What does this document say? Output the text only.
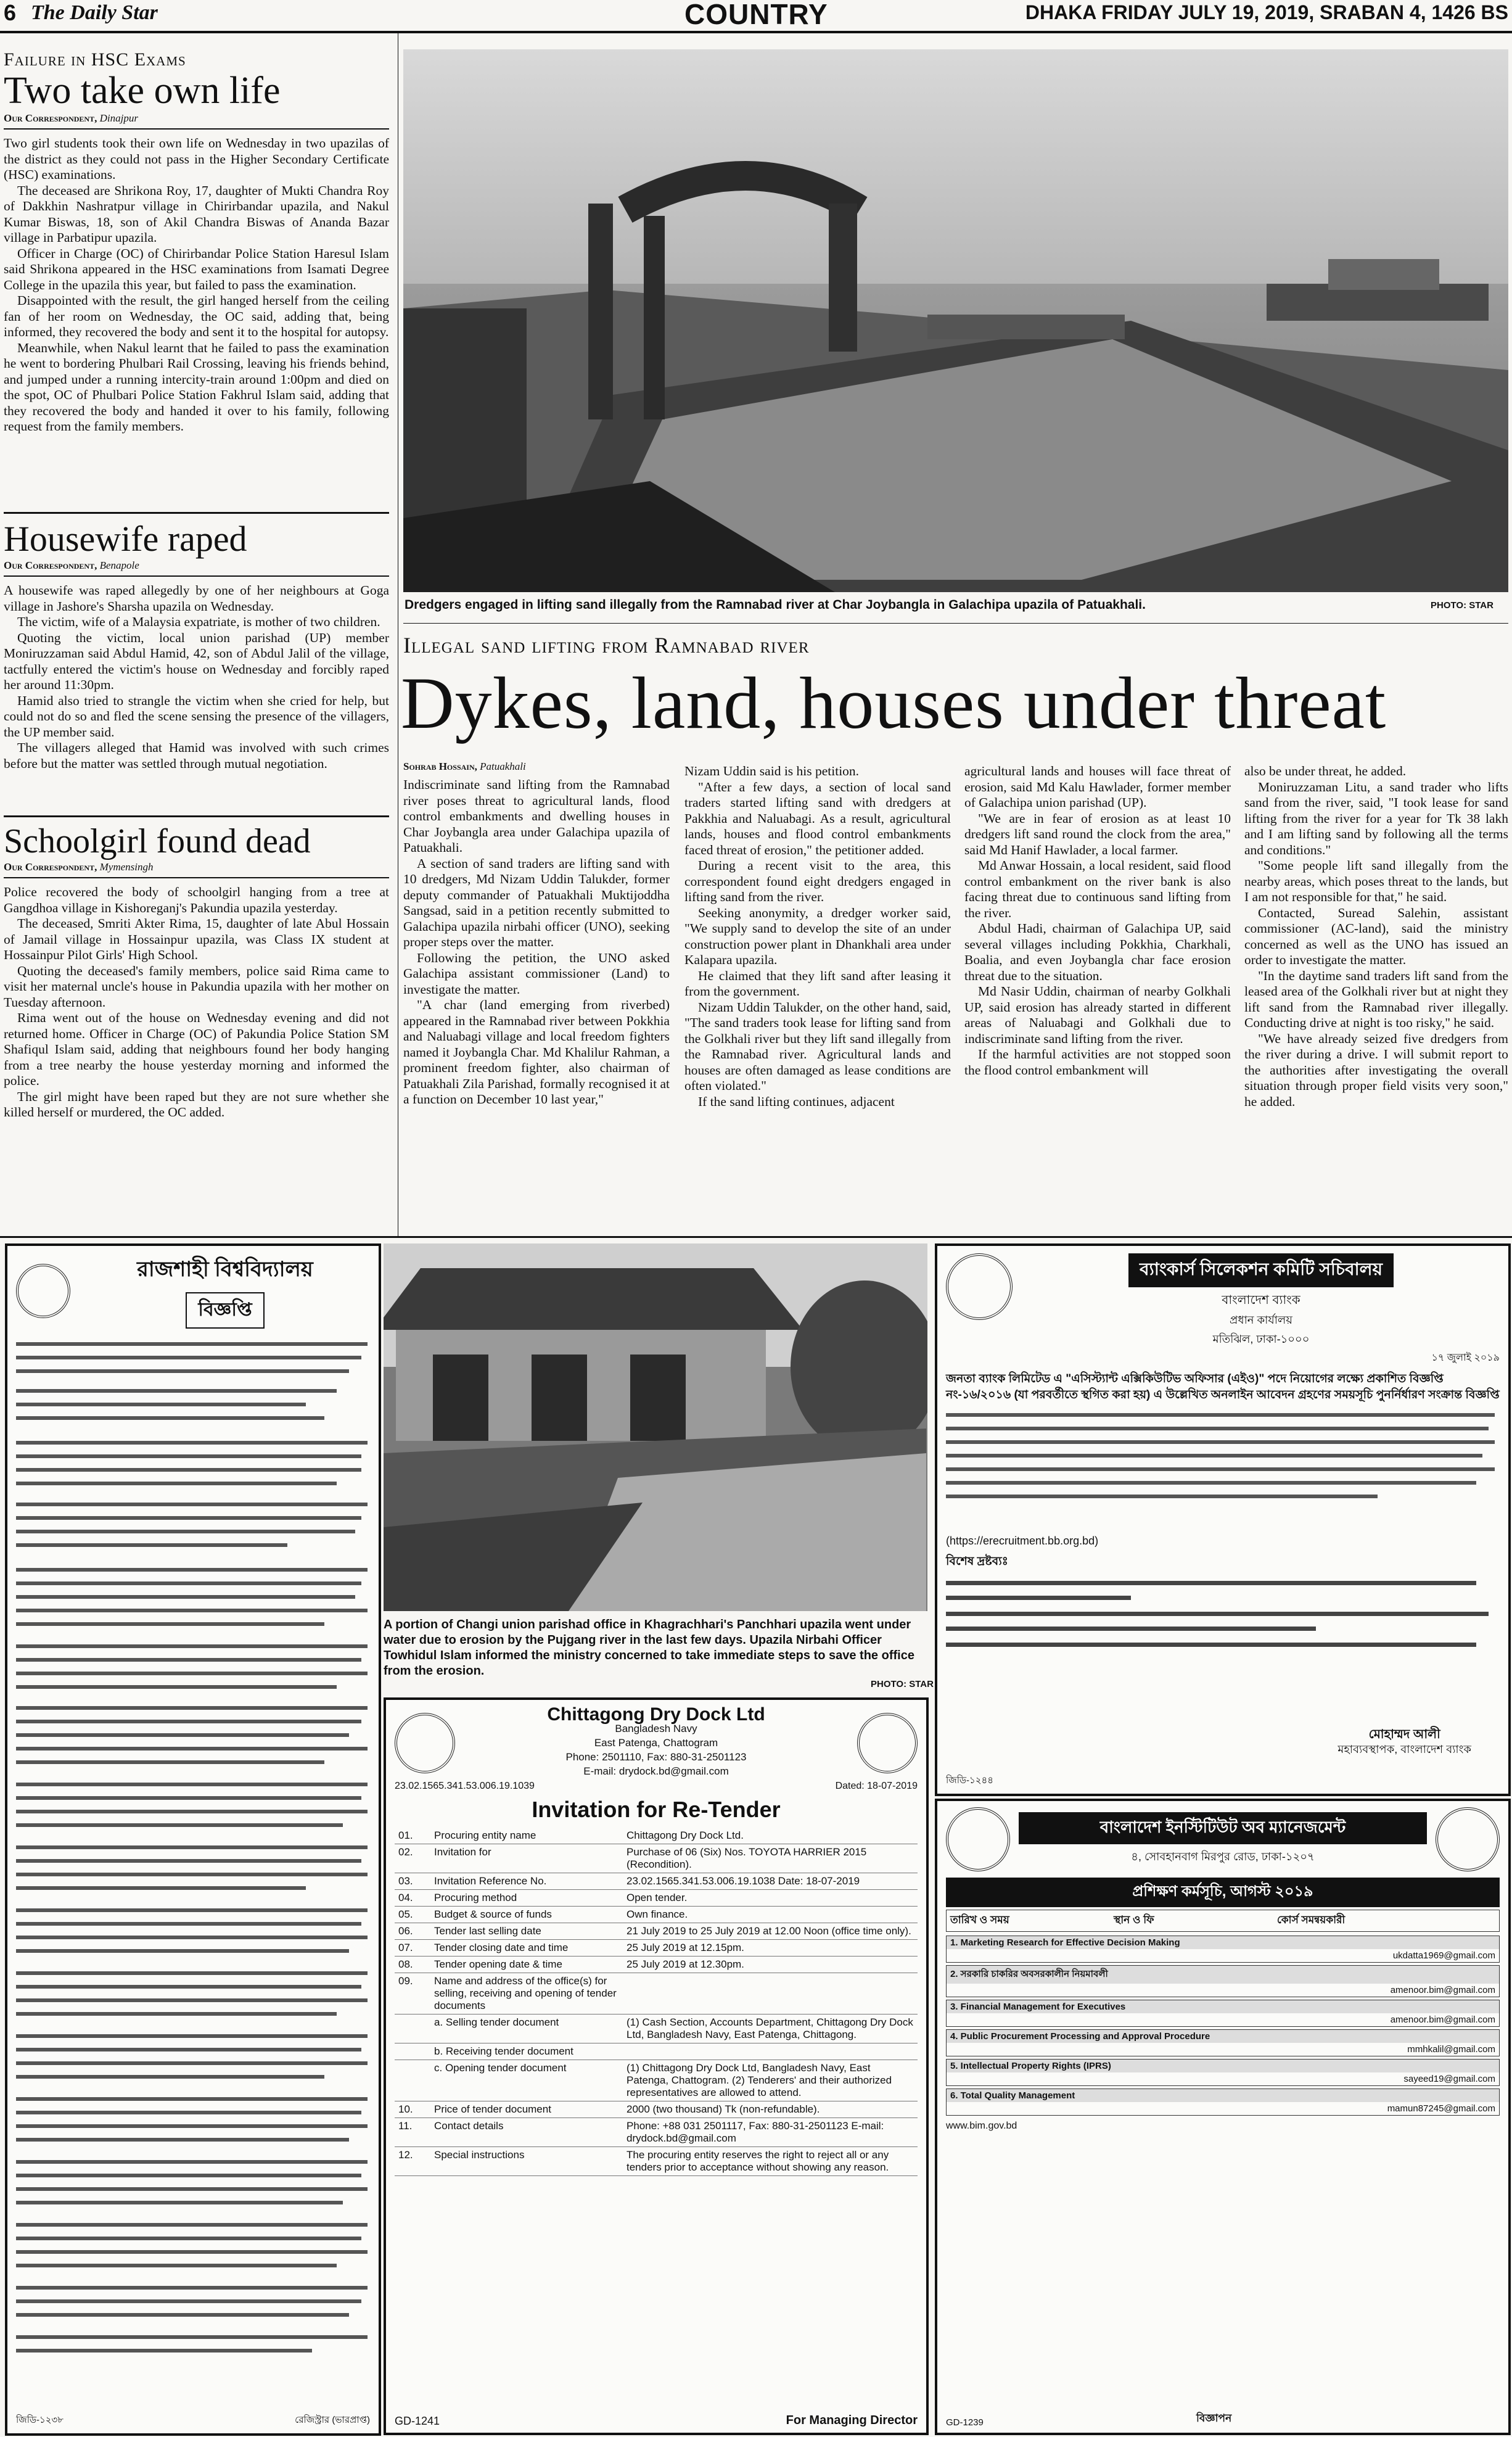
6 The Daily Star	COUNTRY	DHAKA FRIDAY JULY 19, 2019, SRABAN 4, 1426 BS
Failure in HSC Exams
Two take own life
Our Correspondent, Dinajpur

Two girl students took their own life on Wednesday in two upazilas of the district as they could not pass in the Higher Secondary Certificate (HSC) examinations.

The deceased are Shrikona Roy, 17, daughter of Mukti Chandra Roy of Dakkhin Nashratpur village in Chirirbandar upazila, and Nakul Kumar Biswas, 18, son of Akil Chandra Biswas of Ananda Bazar village in Parbatipur upazila.

Officer in Charge (OC) of Chirirbandar Police Station Haresul Islam said Shrikona appeared in the HSC examinations from Isamati Degree College in the upazila this year, but failed to pass the examination.

Disappointed with the result, the girl hanged herself from the ceiling fan of her room on Wednesday, the OC said, adding that, being informed, they recovered the body and sent it to the hospital for autopsy.

Meanwhile, when Nakul learnt that he failed to pass the examination he went to bordering Phulbari Rail Crossing, leaving his friends behind, and jumped under a running intercity-train around 1:00pm and died on the spot, OC of Phulbari Police Station Fakhrul Islam said, adding that they recovered the body and handed it over to his family, following request from the family members.

Housewife raped
Our Correspondent, Benapole

A housewife was raped allegedly by one of her neighbours at Goga village in Jashore's Sharsha upazila on Wednesday.

The victim, wife of a Malaysia expatriate, is mother of two children.

Quoting the victim, local union parishad (UP) member Moniruzzaman said Abdul Hamid, 42, son of Abdul Jalil of the village, tactfully entered the victim's house on Wednesday and forcibly raped her around 11:30pm.

Hamid also tried to strangle the victim when she cried for help, but could not do so and fled the scene sensing the presence of the villagers, the UP member said.

The villagers alleged that Hamid was involved with such crimes before but the matter was settled through mutual negotiation.

Schoolgirl found dead
Our Correspondent, Mymensingh

Police recovered the body of schoolgirl hanging from a tree at Gangdhoa village in Kishoreganj's Pakundia upazila yesterday.

The deceased, Smriti Akter Rima, 15, daughter of late Abul Hossain of Jamail village in Hossainpur upazila, was Class IX student at Hossainpur Pilot Girls' High School.

Quoting the deceased's family members, police said Rima came to visit her maternal uncle's house in Pakundia upazila with her mother on Tuesday afternoon.

Rima went out of the house on Wednesday evening and did not returned home. Officer in Charge (OC) of Pakundia Police Station SM Shafiqul Islam said, adding that neighbours found her body hanging from a tree nearby the house yesterday morning and informed the police.

The girl might have been raped but they are not sure whether she killed herself or murdered, the OC added.

Dredgers engaged in lifting sand illegally from the Ramnabad river at Char Joybangla in Galachipa upazila of Patuakhali.	PHOTO: STAR
Illegal sand lifting from Ramnabad river
Dykes, land, houses under threat
Sohrab Hossain, Patuakhali

Indiscriminate sand lifting from the Ramnabad river poses threat to agricultural lands, flood control embankments and dwelling houses in Char Joybangla area under Galachipa upazila of Patuakhali.

A section of sand traders are lifting sand with 10 dredgers, Md Nizam Uddin Talukder, former deputy commander of Patuakhali Muktijoddha Sangsad, said in a petition recently submitted to Galachipa upazila nirbahi officer (UNO), seeking proper steps over the matter.

Following the petition, the UNO asked Galachipa assistant commissioner (Land) to investigate the matter.

"A char (land emerging from riverbed) appeared in the Ramnabad river between Pokkhia and Naluabagi village and local freedom fighters named it Joybangla Char. Md Khalilur Rahman, a prominent freedom fighter, also chairman of Patuakhali Zila Parishad, formally recognised it at a function on December 10 last year,"

Nizam Uddin said is his petition.

"After a few days, a section of local sand traders started lifting sand with dredgers at Pakkhia and Naluabagi. As a result, agricultural lands, houses and flood control embankments faced threat of erosion," the petitioner added.

During a recent visit to the area, this correspondent found eight dredgers engaged in lifting sand from the river.

Seeking anonymity, a dredger worker said, "We supply sand to develop the site of an under construction power plant in Dhankhali area under Kalapara upazila.

He claimed that they lift sand after leasing it from the government.

Nizam Uddin Talukder, on the other hand, said, "The sand traders took lease for lifting sand from the Golkhali river but they lift sand illegally from the Ramnabad river. Agricultural lands and houses are often damaged as lease conditions are often violated."

If the sand lifting continues, adjacent

agricultural lands and houses will face threat of erosion, said Md Kalu Hawlader, former member of Galachipa union parishad (UP).

"We are in fear of erosion as at least 10 dredgers lift sand round the clock from the area," said Md Hanif Hawlader, a local farmer.

Md Anwar Hossain, a local resident, said flood control embankment on the river bank is also facing threat due to continuous sand lifting from the river.

Abdul Hadi, chairman of Galachipa UP, said several villages including Pokkhia, Charkhali, Boalia, and even Joybangla char face erosion threat due to the situation.

Md Nasir Uddin, chairman of nearby Golkhali UP, said erosion has already started in different areas of Naluabagi and Golkhali due to indiscriminate sand lifting from the river.

If the harmful activities are not stopped soon the flood control embankment will

also be under threat, he added.

Moniruzzaman Litu, a sand trader who lifts sand from the river, said, "I took lease for sand lifting from the river for a year for Tk 38 lakh and I am lifting sand by following all the terms and conditions."

"Some people lift sand illegally from the nearby areas, which poses threat to the lands, but I am not responsible for that," he said.

Contacted, Suread Salehin, assistant commissioner (AC-land), said the ministry concerned as well as the UNO has issued an order to investigate the matter.

"In the daytime sand traders lift sand from the leased area of the Golkhali river but at night they lift sand from the Ramnabad river illegally. Conducting drive at night is too risky," he said.

"We have already seized five dredgers from the river during a drive. I will submit report to the authorities after investigating the overall situation through proper field visits very soon," he added.

রাজশাহী বিশ্ববিদ্যালয়
বিজ্ঞপ্তি
জিডি-১২৩৮	রেজিস্ট্রার (ভারপ্রাপ্ত)
A portion of Changi union parishad office in Khagrachhari's Panchhari upazila went under water due to erosion by the Pujgang river in the last few days. Upazila Nirbahi Officer Towhidul Islam informed the ministry concerned to take immediate steps to save the office from the erosion.
PHOTO: STAR
Chittagong Dry Dock Ltd
Bangladesh Navy
East Patenga, Chattogram
Phone: 2501110, Fax: 880-31-2501123
E-mail: drydock.bd@gmail.com
23.02.1565.341.53.006.19.1039	Dated: 18-07-2019
Invitation for Re-Tender
01.	Procuring entity name	Chittagong Dry Dock Ltd.
02.	Invitation for	Purchase of 06 (Six) Nos. TOYOTA HARRIER 2015 (Recondition).
03.	Invitation Reference No.	23.02.1565.341.53.006.19.1038 Date: 18-07-2019
04.	Procuring method	Open tender.
05.	Budget & source of funds	Own finance.
06.	Tender last selling date	21 July 2019 to 25 July 2019 at 12.00 Noon (office time only).
07.	Tender closing date and time	25 July 2019 at 12.15pm.
08.	Tender opening date & time	25 July 2019 at 12.30pm.
09.	Name and address of the office(s) for selling, receiving and opening of tender documents	
	a. Selling tender document	(1) Cash Section, Accounts Department, Chittagong Dry Dock Ltd, Bangladesh Navy, East Patenga, Chittagong.
	b. Receiving tender document	
	c. Opening tender document	(1) Chittagong Dry Dock Ltd, Bangladesh Navy, East Patenga, Chattogram. (2) Tenderers' and their authorized representatives are allowed to attend.
10.	Price of tender document	2000 (two thousand) Tk (non-refundable).
11.	Contact details	Phone: +88 031 2501117, Fax: 880-31-2501123 E-mail: drydock.bd@gmail.com
12.	Special instructions	The procuring entity reserves the right to reject all or any tenders prior to acceptance without showing any reason.
GD-1241	For Managing Director
ব্যাংকার্স সিলেকশন কমিটি সচিবালয়
বাংলাদেশ ব্যাংক
প্রধান কার্যালয়
মতিঝিল, ঢাকা-১০০০
১৭ জুলাই ২০১৯
জনতা ব্যাংক লিমিটেড এ "এসিস্ট্যান্ট এক্সিকিউটিভ অফিসার (এইও)" পদে নিয়োগের লক্ষ্যে প্রকাশিত বিজ্ঞপ্তি নং-১৬/২০১৬ (যা পরবর্তীতে স্থগিত করা হয়) এ উল্লেখিত অনলাইন আবেদন গ্রহণের সময়সূচি পুনর্নির্ধারণ সংক্রান্ত বিজ্ঞপ্তি
(https://erecruitment.bb.org.bd)
বিশেষ দ্রষ্টব্যঃ
মোহাম্মদ আলী
মহাব্যবস্থাপক, বাংলাদেশ ব্যাংক
জিডি-১২৪৪
বাংলাদেশ ইনস্টিটিউট অব ম্যানেজমেন্ট
৪, সোবহানবাগ মিরপুর রোড, ঢাকা-১২০৭
প্রশিক্ষণ কর্মসূচি, আগস্ট ২০১৯
তারিখ ও সময়	স্থান ও ফি	কোর্স সমন্বয়কারী
1. Marketing Research for Effective Decision Making
ukdatta1969@gmail.com
2. সরকারি চাকরির অবসরকালীন নিয়মাবলী
amenoor.bim@gmail.com
3. Financial Management for Executives
amenoor.bim@gmail.com
4. Public Procurement Processing and Approval Procedure
mmhkalil@gmail.com
5. Intellectual Property Rights (IPRS)
sayeed19@gmail.com
6. Total Quality Management
mamun87245@gmail.com
www.bim.gov.bd
GD-1239	বিজ্ঞাপন
